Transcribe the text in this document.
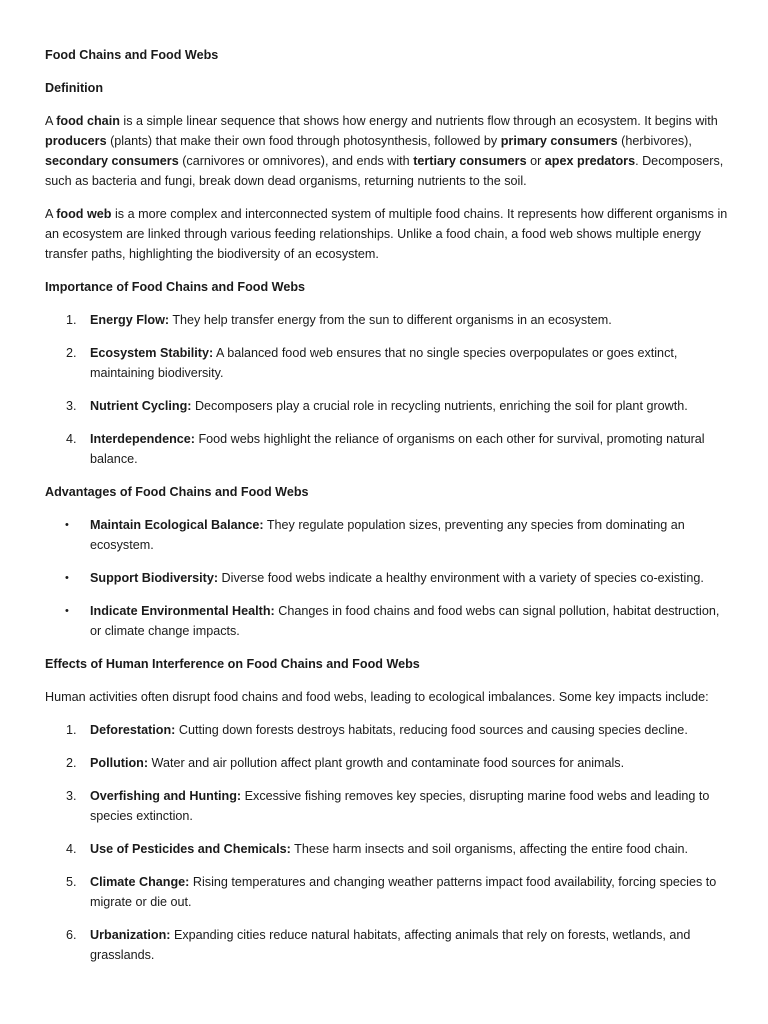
Food Chains and Food Webs
Definition
A food chain is a simple linear sequence that shows how energy and nutrients flow through an ecosystem. It begins with producers (plants) that make their own food through photosynthesis, followed by primary consumers (herbivores), secondary consumers (carnivores or omnivores), and ends with tertiary consumers or apex predators. Decomposers, such as bacteria and fungi, break down dead organisms, returning nutrients to the soil.
A food web is a more complex and interconnected system of multiple food chains. It represents how different organisms in an ecosystem are linked through various feeding relationships. Unlike a food chain, a food web shows multiple energy transfer paths, highlighting the biodiversity of an ecosystem.
Importance of Food Chains and Food Webs
1.	Energy Flow: They help transfer energy from the sun to different organisms in an ecosystem.
2.	Ecosystem Stability: A balanced food web ensures that no single species overpopulates or goes extinct, maintaining biodiversity.
3.	Nutrient Cycling: Decomposers play a crucial role in recycling nutrients, enriching the soil for plant growth.
4.	Interdependence: Food webs highlight the reliance of organisms on each other for survival, promoting natural balance.
Advantages of Food Chains and Food Webs
• Maintain Ecological Balance: They regulate population sizes, preventing any species from dominating an ecosystem.
• Support Biodiversity: Diverse food webs indicate a healthy environment with a variety of species co-existing.
• Indicate Environmental Health: Changes in food chains and food webs can signal pollution, habitat destruction, or climate change impacts.
Effects of Human Interference on Food Chains and Food Webs
Human activities often disrupt food chains and food webs, leading to ecological imbalances. Some key impacts include:
1.	Deforestation: Cutting down forests destroys habitats, reducing food sources and causing species decline.
2.	Pollution: Water and air pollution affect plant growth and contaminate food sources for animals.
3.	Overfishing and Hunting: Excessive fishing removes key species, disrupting marine food webs and leading to species extinction.
4.	Use of Pesticides and Chemicals: These harm insects and soil organisms, affecting the entire food chain.
5.	Climate Change: Rising temperatures and changing weather patterns impact food availability, forcing species to migrate or die out.
6.	Urbanization: Expanding cities reduce natural habitats, affecting animals that rely on forests, wetlands, and grasslands.
